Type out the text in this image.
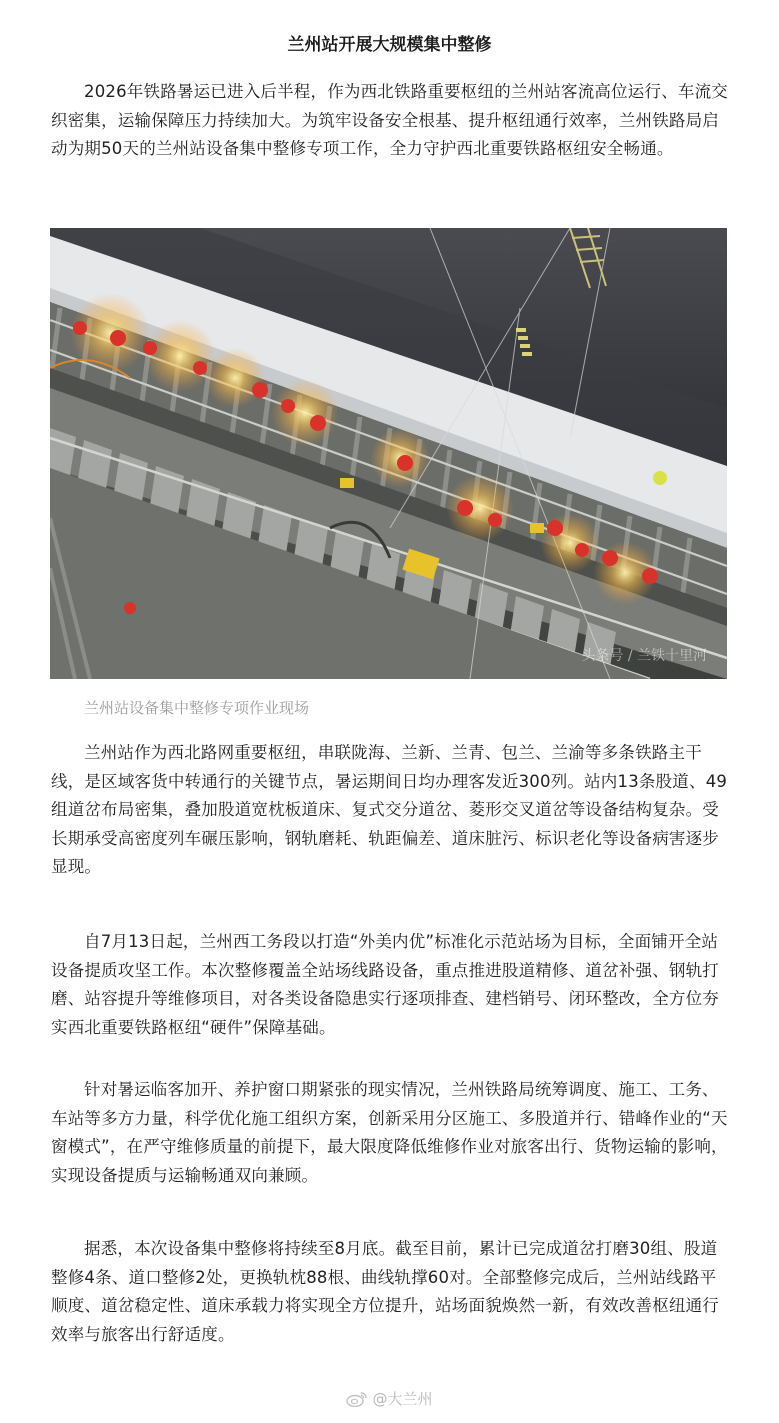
兰州站开展大规模集中整修

2026年铁路暑运已进入后半程，作为西北铁路重要枢纽的兰州站客流高位运行、车流交织密集，运输保障压力持续加大。为筑牢设备安全根基、提升枢纽通行效率，兰州铁路局启动为期50天的兰州站设备集中整修专项工作，全力守护西北重要铁路枢纽安全畅通。

头条号 / 兰铁十里河
兰州站设备集中整修专项作业现场

兰州站作为西北路网重要枢纽，串联陇海、兰新、兰青、包兰、兰渝等多条铁路主干线，是区域客货中转通行的关键节点，暑运期间日均办理客发近300列。站内13条股道、49组道岔布局密集，叠加股道宽枕板道床、复式交分道岔、菱形交叉道岔等设备结构复杂。受长期承受高密度列车碾压影响，钢轨磨耗、轨距偏差、道床脏污、标识老化等设备病害逐步显现。

自7月13日起，兰州西工务段以打造“外美内优”标准化示范站场为目标，全面铺开全站设备提质攻坚工作。本次整修覆盖全站场线路设备，重点推进股道精修、道岔补强、钢轨打磨、站容提升等维修项目，对各类设备隐患实行逐项排查、建档销号、闭环整改，全方位夯实西北重要铁路枢纽“硬件”保障基础。

针对暑运临客加开、养护窗口期紧张的现实情况，兰州铁路局统筹调度、施工、工务、车站等多方力量，科学优化施工组织方案，创新采用分区施工、多股道并行、错峰作业的“天窗模式”，在严守维修质量的前提下，最大限度降低维修作业对旅客出行、货物运输的影响，实现设备提质与运输畅通双向兼顾。

据悉，本次设备集中整修将持续至8月底。截至目前，累计已完成道岔打磨30组、股道整修4条、道口整修2处，更换轨枕88根、曲线轨撑60对。全部整修完成后，兰州站线路平顺度、道岔稳定性、道床承载力将实现全方位提升，站场面貌焕然一新，有效改善枢纽通行效率与旅客出行舒适度。

@大兰州
